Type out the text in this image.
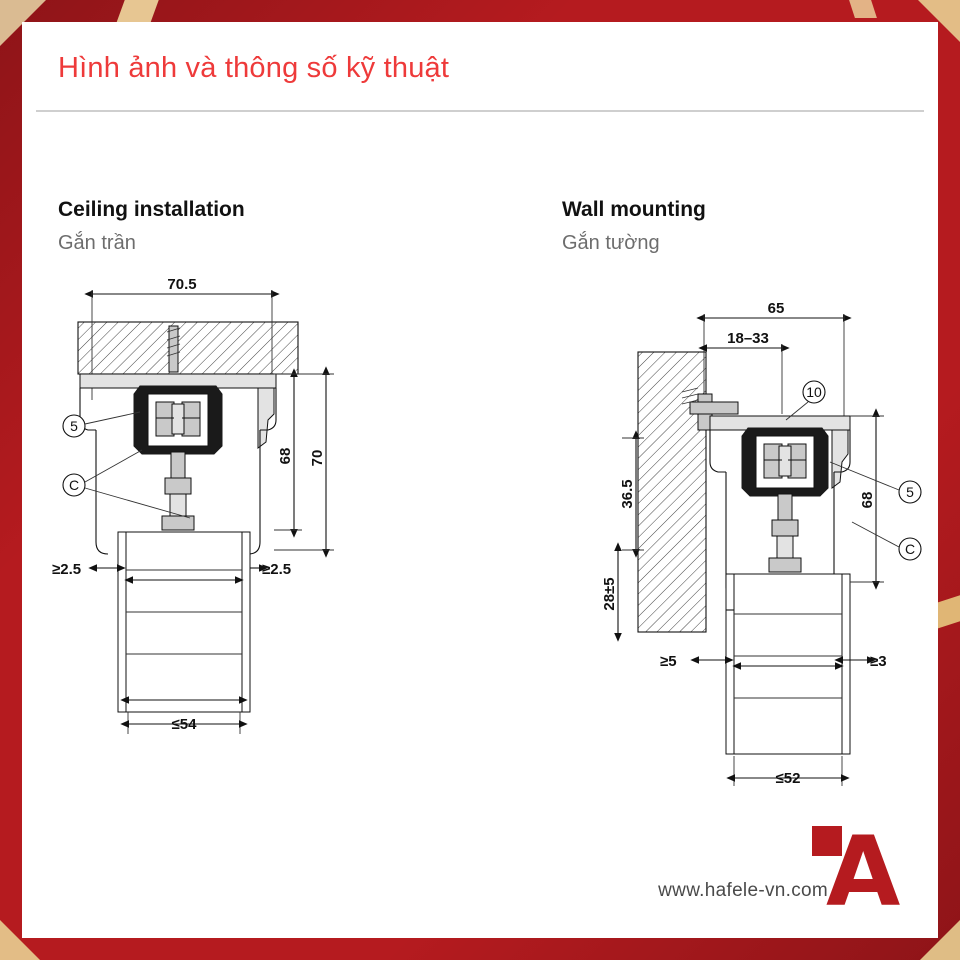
Hình ảnh và thông số kỹ thuật
Ceiling installation
Gắn trần
Wall mounting
Gắn tường
70.5
68 70
≥2.5	≥2.5
≤54
5
C
65
18–33
36.5
28±5
68
≥5	≥3
≤52
10
5
C
www.hafele-vn.com
A
